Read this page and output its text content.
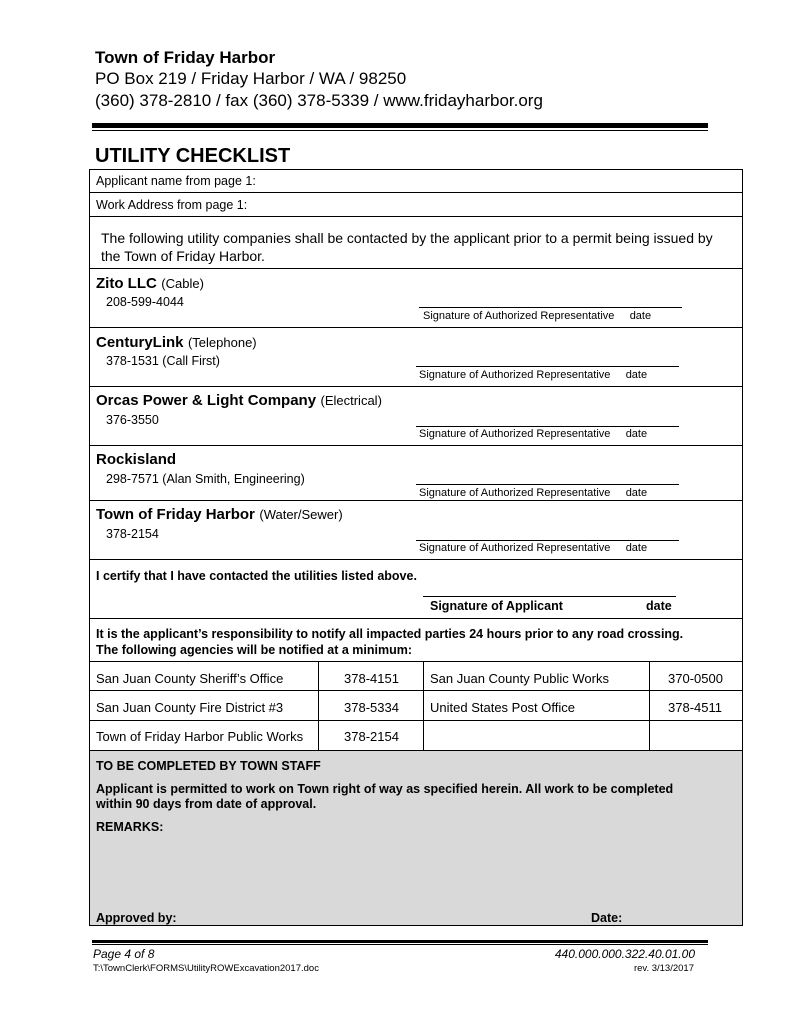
Town of Friday Harbor
PO Box 219 / Friday Harbor / WA / 98250
(360) 378-2810 / fax (360) 378-5339 / www.fridayharbor.org
UTILITY CHECKLIST
Applicant name from page 1:
Work Address from page 1:
The following utility companies shall be contacted by the applicant prior to a permit being issued by
the Town of Friday Harbor.
Zito LLC (Cable)
208-599-4044
Signature of Authorized Representative date
CenturyLink (Telephone)
378-1531 (Call First)
Signature of Authorized Representative date
Orcas Power & Light Company (Electrical)
376-3550
Signature of Authorized Representative date
Rockisland
298-7571 (Alan Smith, Engineering)
Signature of Authorized Representative date
Town of Friday Harbor (Water/Sewer)
378-2154
Signature of Authorized Representative date
I certify that I have contacted the utilities listed above.
Signature of Applicant	date
It is the applicant’s responsibility to notify all impacted parties 24 hours prior to any road crossing.
The following agencies will be notified at a minimum:
San Juan County Sheriff’s Office	378-4151 San Juan County Public Works	370-0500
San Juan County Fire District #3	378-5334 United States Post Office	378-4511
Town of Friday Harbor Public Works	378-2154
TO BE COMPLETED BY TOWN STAFF
Applicant is permitted to work on Town right of way as specified herein. All work to be completed
within 90 days from date of approval.
REMARKS:
Approved by:	Date:
Page 4 of 8	440.000.000.322.40.01.00
T:\TownClerk\FORMS\UtilityROWExcavation2017.doc	rev. 3/13/2017
